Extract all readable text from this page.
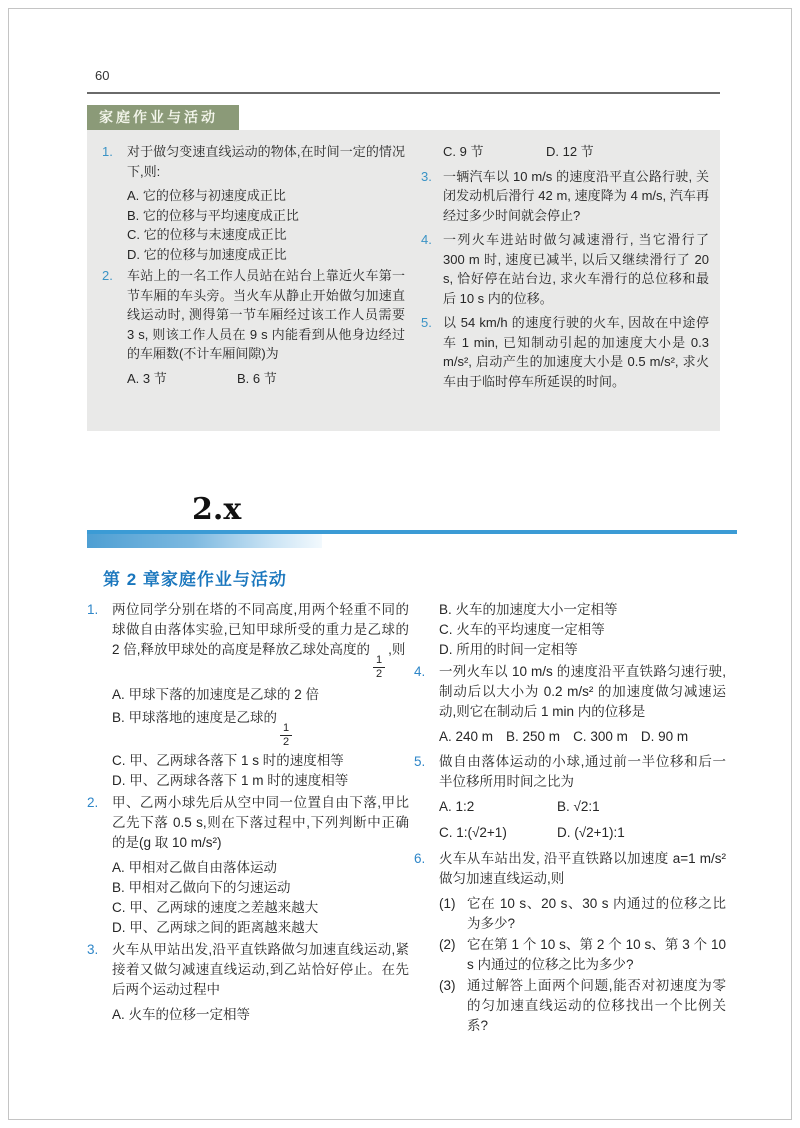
60
家庭作业与活动
1. 对于做匀变速直线运动的物体,在时间一定的情况下,则:
A. 它的位移与初速度成正比
B. 它的位移与平均速度成正比
C. 它的位移与末速度成正比
D. 它的位移与加速度成正比
2. 车站上的一名工作人员站在站台上靠近火车第一节车厢的车头旁。当火车从静止开始做匀加速直线运动时, 测得第一节车厢经过该工作人员需要 3 s, 则该工作人员在 9 s 内能看到从他身边经过的车厢数(不计车厢间隙)为
A. 3 节	B. 6 节
C. 9 节	D. 12 节
3. 一辆汽车以 10 m/s 的速度沿平直公路行驶, 关闭发动机后滑行 42 m, 速度降为 4 m/s, 汽车再经过多少时间就会停止?
4. 一列火车进站时做匀减速滑行, 当它滑行了 300 m 时, 速度已减半, 以后又继续滑行了 20 s, 恰好停在站台边, 求火车滑行的总位移和最后 10 s 内的位移。
5. 以 54 km/h 的速度行驶的火车, 因故在中途停车 1 min, 已知制动引起的加速度大小是 0.3 m/s², 启动产生的加速度大小是 0.5 m/s², 求火车由于临时停车所延误的时间。
2.x
第 2 章家庭作业与活动
1. 两位同学分别在塔的不同高度,用两个轻重不同的球做自由落体实验,已知甲球所受的重力是乙球的 2 倍,释放甲球处的高度是释放乙球处高度的
$\frac{1}{2}$
,则
A. 甲球下落的加速度是乙球的 2 倍
B. 甲球落地的速度是乙球的
$\frac{1}{2}$
C. 甲、乙两球各落下 1 s 时的速度相等
D. 甲、乙两球各落下 1 m 时的速度相等
2. 甲、乙两小球先后从空中同一位置自由下落,甲比乙先下落 0.5 s,则在下落过程中,下列判断中正确的是(g 取 10 m/s²)
A. 甲相对乙做自由落体运动
B. 甲相对乙做向下的匀速运动
C. 甲、乙两球的速度之差越来越大
D. 甲、乙两球之间的距离越来越大
3. 火车从甲站出发,沿平直铁路做匀加速直线运动,紧接着又做匀减速直线运动,到乙站恰好停止。在先后两个运动过程中
A. 火车的位移一定相等
B. 火车的加速度大小一定相等
C. 火车的平均速度一定相等
D. 所用的时间一定相等
4. 一列火车以 10 m/s 的速度沿平直铁路匀速行驶,制动后以大小为 0.2 m/s² 的加速度做匀减速运动,则它在制动后 1 min 内的位移是
A. 240 m B. 250 m C. 300 m D. 90 m
5. 做自由落体运动的小球,通过前一半位移和后一半位移所用时间之比为
A. 1:2	B. √2:1
C. 1:(√2+1)	D. (√2+1):1
6. 火车从车站出发, 沿平直铁路以加速度 a=1 m/s² 做匀加速直线运动,则
(1) 它在 10 s、20 s、30 s 内通过的位移之比为多少?
(2) 它在第 1 个 10 s、第 2 个 10 s、第 3 个 10 s 内通过的位移之比为多少?
(3) 通过解答上面两个问题,能否对初速度为零的匀加速直线运动的位移找出一个比例关系?
